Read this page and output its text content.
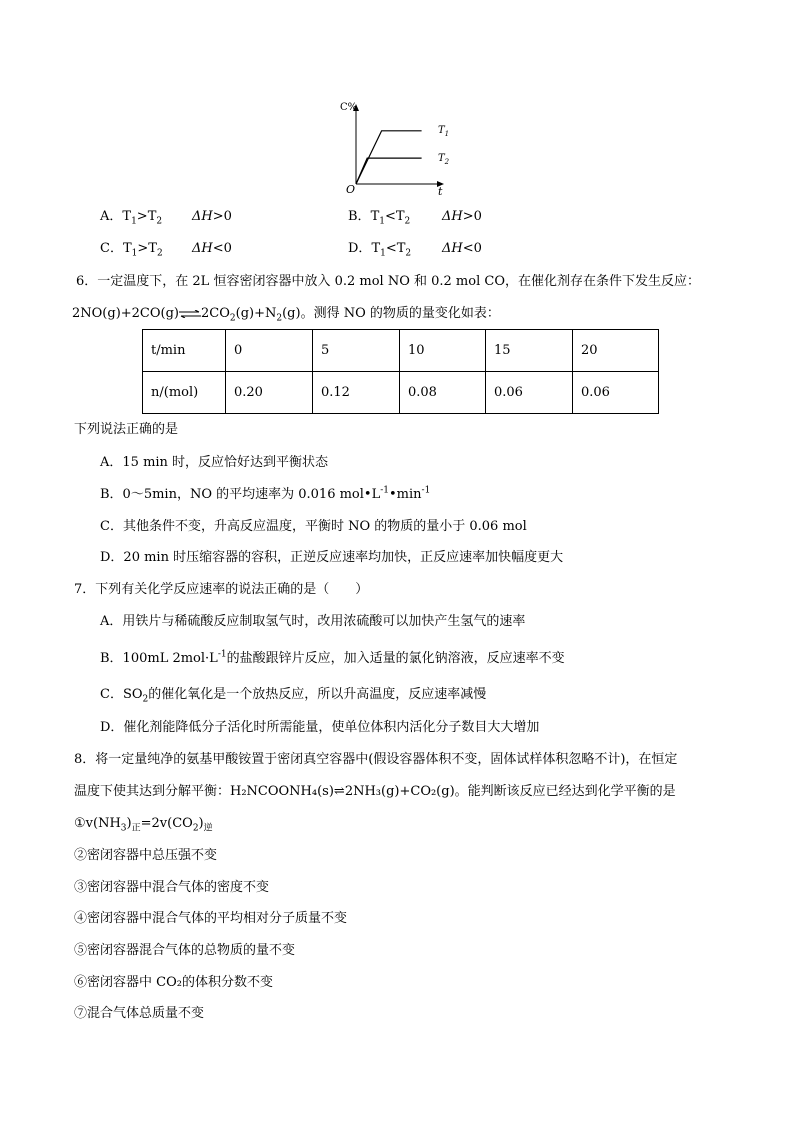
C%
O	t
$T_1$
$T_2$
A．$T_1>T_2$ ΔH>0	B．$T_1<T_2$ ΔH>0
C．$T_1>T_2$ ΔH<0	D．$T_1<T_2$ ΔH<0
6．一定温度下，在 2L 恒容密闭容器中放入 0.2 mol NO 和 0.2 mol CO，在催化剂存在条件下发生反应：
$2NO(g)+2CO(g)\rightleftharpoons 2CO_2(g)+N_2(g)$。测得 NO 的物质的量变化如表：
t/min	0	5	10	15	20
n/(mol)	0.20	0.12	0.08	0.06	0.06
下列说法正确的是
A．15 min 时，反应恰好达到平衡状态
B．0～5min，NO 的平均速率为 0.016 $mol•L^{-1}•\min^{-1}$
C．其他条件不变，升高反应温度，平衡时 NO 的物质的量小于 0.06 mol
D．20 min 时压缩容器的容积，正逆反应速率均加快，正反应速率加快幅度更大
7．下列有关化学反应速率的说法正确的是（　　）
A．用铁片与稀硫酸反应制取氢气时，改用浓硫酸可以加快产生氢气的速率
B．100mL $2mol\cdot L^{-1}$的盐酸跟锌片反应，加入适量的氯化钠溶液，反应速率不变
C．$SO_2$的催化氧化是一个放热反应，所以升高温度，反应速率减慢
D．催化剂能降低分子活化时所需能量，使单位体积内活化分子数目大大增加
8．将一定量纯净的氨基甲酸铵置于密闭真空容器中(假设容器体积不变，固体试样体积忽略不计)，在恒定
温度下使其达到分解平衡：H₂NCOONH₄(s)⇌2NH₃(g)+CO₂(g)。能判断该反应已经达到化学平衡的是
$①v(NH_3)_正=2v(CO_2)_逆$
②密闭容器中总压强不变
③密闭容器中混合气体的密度不变
④密闭容器中混合气体的平均相对分子质量不变
⑤密闭容器混合气体的总物质的量不变
⑥密闭容器中 CO₂的体积分数不变
⑦混合气体总质量不变
